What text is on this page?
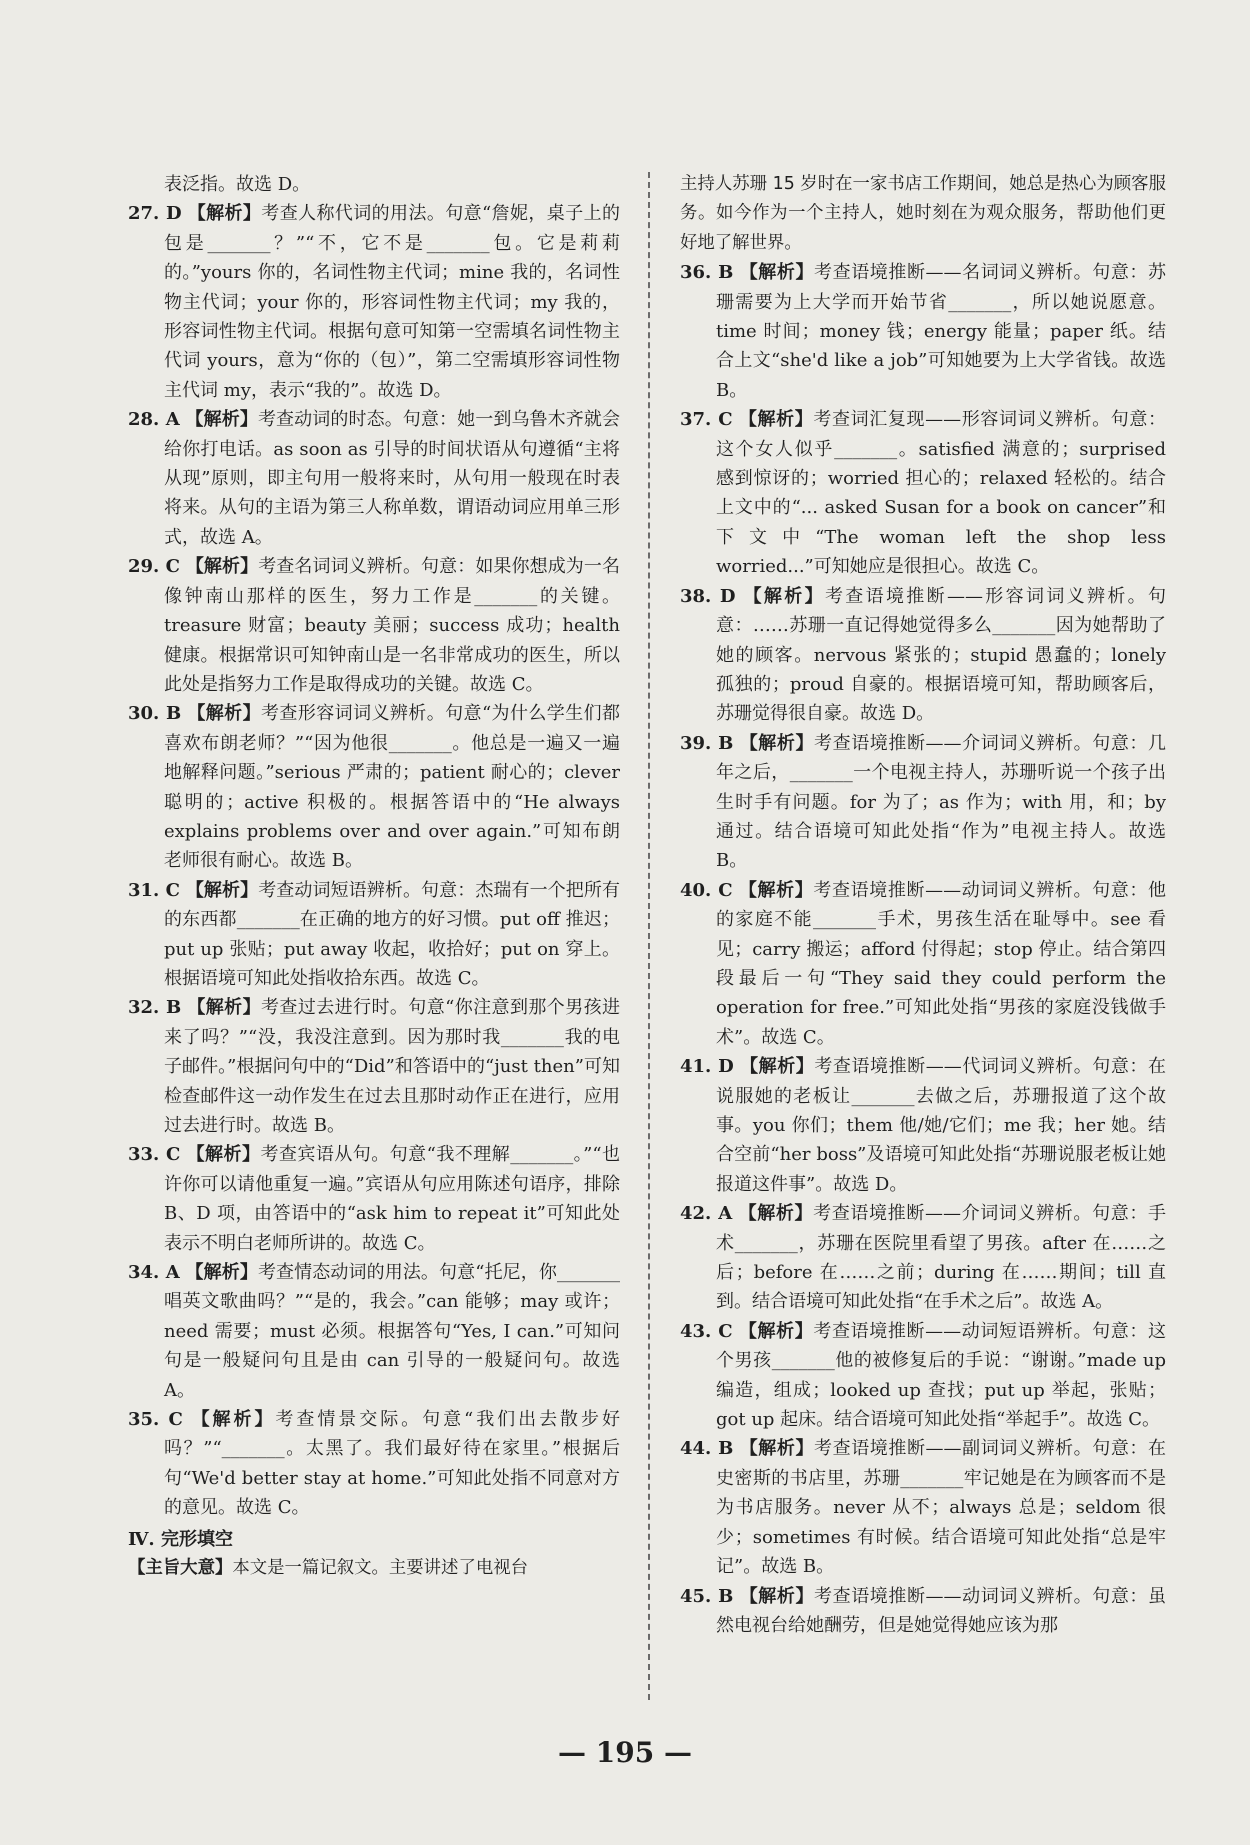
表泛指。故选 D。

27. D 【解析】考查人称代词的用法。句意“詹妮，桌子上的包是_______？”“不，它不是_______包。它是莉莉的。”yours 你的，名词性物主代词；mine 我的，名词性物主代词；your 你的，形容词性物主代词；my 我的，形容词性物主代词。根据句意可知第一空需填名词性物主代词 yours，意为“你的（包）”，第二空需填形容词性物主代词 my，表示“我的”。故选 D。

28. A 【解析】考查动词的时态。句意：她一到乌鲁木齐就会给你打电话。as soon as 引导的时间状语从句遵循“主将从现”原则，即主句用一般将来时，从句用一般现在时表将来。从句的主语为第三人称单数，谓语动词应用单三形式，故选 A。

29. C 【解析】考查名词词义辨析。句意：如果你想成为一名像钟南山那样的医生，努力工作是_______的关键。treasure 财富；beauty 美丽；success 成功；health 健康。根据常识可知钟南山是一名非常成功的医生，所以此处是指努力工作是取得成功的关键。故选 C。

30. B 【解析】考查形容词词义辨析。句意“为什么学生们都喜欢布朗老师？”“因为他很_______。他总是一遍又一遍地解释问题。”serious 严肃的；patient 耐心的；clever 聪明的；active 积极的。根据答语中的“He always explains problems over and over again.”可知布朗老师很有耐心。故选 B。

31. C 【解析】考查动词短语辨析。句意：杰瑞有一个把所有的东西都_______在正确的地方的好习惯。put off 推迟；put up 张贴；put away 收起，收拾好；put on 穿上。根据语境可知此处指收拾东西。故选 C。

32. B 【解析】考查过去进行时。句意“你注意到那个男孩进来了吗？”“没，我没注意到。因为那时我_______我的电子邮件。”根据问句中的“Did”和答语中的“just then”可知检查邮件这一动作发生在过去且那时动作正在进行，应用过去进行时。故选 B。

33. C 【解析】考查宾语从句。句意“我不理解_______。”“也许你可以请他重复一遍。”宾语从句应用陈述句语序，排除 B、D 项，由答语中的“ask him to repeat it”可知此处表示不明白老师所讲的。故选 C。

34. A 【解析】考查情态动词的用法。句意“托尼，你_______唱英文歌曲吗？”“是的，我会。”can 能够；may 或许；need 需要；must 必须。根据答句“Yes, I can.”可知问句是一般疑问句且是由 can 引导的一般疑问句。故选 A。

35. C 【解析】考查情景交际。句意“我们出去散步好吗？”“_______。太黑了。我们最好待在家里。”根据后句“We'd better stay at home.”可知此处指不同意对方的意见。故选 C。

Ⅳ. 完形填空

【主旨大意】本文是一篇记叙文。主要讲述了电视台

主持人苏珊 15 岁时在一家书店工作期间，她总是热心为顾客服务。如今作为一个主持人，她时刻在为观众服务，帮助他们更好地了解世界。

36. B 【解析】考查语境推断——名词词义辨析。句意：苏珊需要为上大学而开始节省_______，所以她说愿意。time 时间；money 钱；energy 能量；paper 纸。结合上文“she'd like a job”可知她要为上大学省钱。故选 B。

37. C 【解析】考查词汇复现——形容词词义辨析。句意：这个女人似乎_______。satisfied 满意的；surprised 感到惊讶的；worried 担心的；relaxed 轻松的。结合上文中的“... asked Susan for a book on cancer”和下文中“The woman left the shop less worried...”可知她应是很担心。故选 C。

38. D 【解析】考查语境推断——形容词词义辨析。句意：……苏珊一直记得她觉得多么_______因为她帮助了她的顾客。nervous 紧张的；stupid 愚蠢的；lonely 孤独的；proud 自豪的。根据语境可知，帮助顾客后，苏珊觉得很自豪。故选 D。

39. B 【解析】考查语境推断——介词词义辨析。句意：几年之后，_______一个电视主持人，苏珊听说一个孩子出生时手有问题。for 为了；as 作为；with 用，和；by 通过。结合语境可知此处指“作为”电视主持人。故选 B。

40. C 【解析】考查语境推断——动词词义辨析。句意：他的家庭不能_______手术，男孩生活在耻辱中。see 看见；carry 搬运；afford 付得起；stop 停止。结合第四段最后一句“They said they could perform the operation for free.”可知此处指“男孩的家庭没钱做手术”。故选 C。

41. D 【解析】考查语境推断——代词词义辨析。句意：在说服她的老板让_______去做之后，苏珊报道了这个故事。you 你们；them 他/她/它们；me 我；her 她。结合空前“her boss”及语境可知此处指“苏珊说服老板让她报道这件事”。故选 D。

42. A 【解析】考查语境推断——介词词义辨析。句意：手术_______，苏珊在医院里看望了男孩。after 在……之后；before 在……之前；during 在……期间；till 直到。结合语境可知此处指“在手术之后”。故选 A。

43. C 【解析】考查语境推断——动词短语辨析。句意：这个男孩_______他的被修复后的手说：“谢谢。”made up 编造，组成；looked up 查找；put up 举起，张贴；got up 起床。结合语境可知此处指“举起手”。故选 C。

44. B 【解析】考查语境推断——副词词义辨析。句意：在史密斯的书店里，苏珊_______牢记她是在为顾客而不是为书店服务。never 从不；always 总是；seldom 很少；sometimes 有时候。结合语境可知此处指“总是牢记”。故选 B。

45. B 【解析】考查语境推断——动词词义辨析。句意：虽然电视台给她酬劳，但是她觉得她应该为那

— 195 —
